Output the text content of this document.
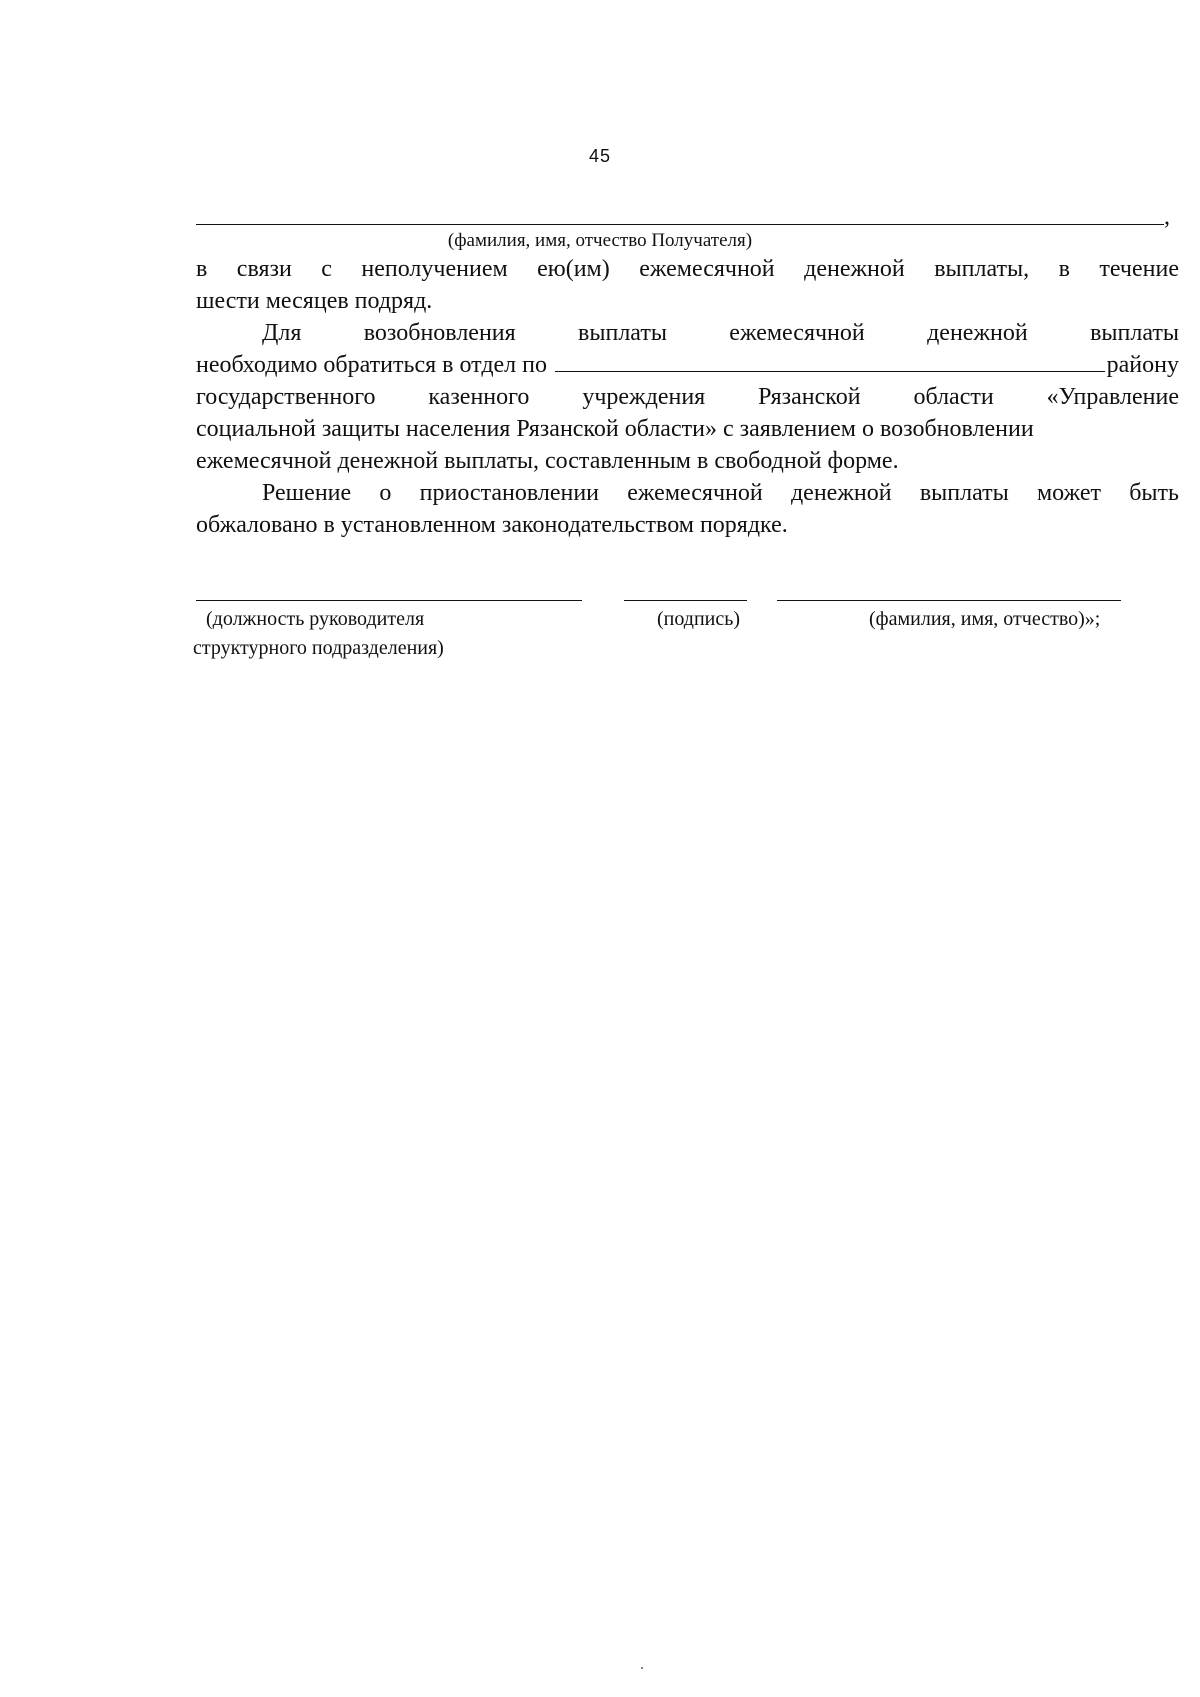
45
,
(фамилия, имя, отчество Получателя)
в связи с неполучением ею(им) ежемесячной денежной выплаты, в течение
шести месяцев подряд.
Для возобновления выплаты ежемесячной денежной выплаты
необходимо обратиться в отдел по	району
государственного казенного учреждения Рязанской области «Управление
социальной защиты населения Рязанской области» с заявлением о возобновлении
ежемесячной денежной выплаты, составленным в свободной форме.
Решение о приостановлении ежемесячной денежной выплаты может быть
обжаловано в установленном законодательством порядке.
(должность руководителя
структурного подразделения)
(подпись)	(фамилия, имя, отчество)»;
